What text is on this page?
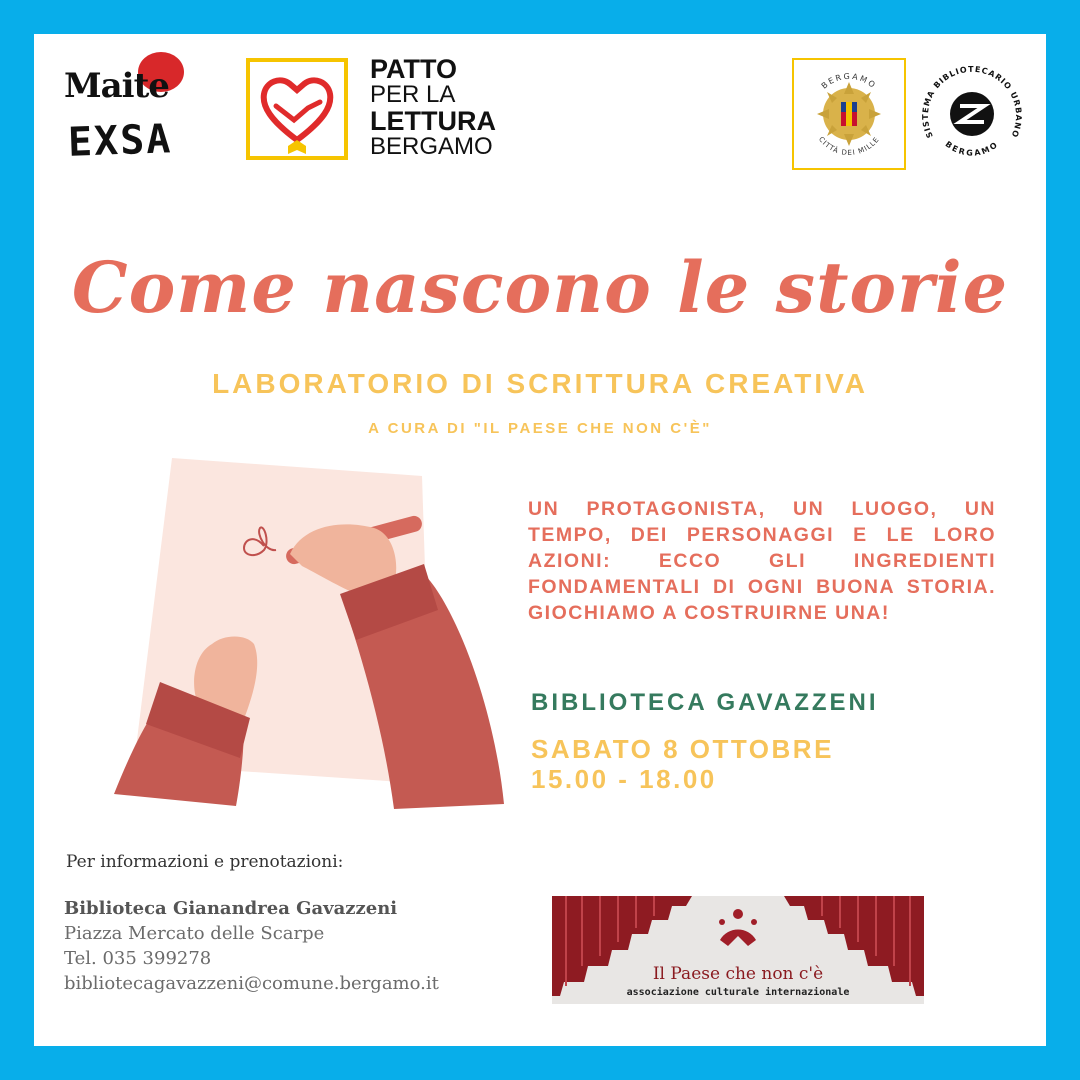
Maite
EXSA
PATTO
PER LA
LETTURA
BERGAMO
BERGAMO
CITTÀ DEI MILLE
SISTEMA BIBLIOTECARIO URBANO
BERGAMO
Come nascono le storie
LABORATORIO DI SCRITTURA CREATIVA
A CURA DI "IL PAESE CHE NON C'È"
UN PROTAGONISTA, UN LUOGO, UN TEMPO, DEI PERSONAGGI E LE LORO AZIONI: ECCO GLI INGREDIENTI FONDAMENTALI DI OGNI BUONA STORIA. GIOCHIAMO A COSTRUIRNE UNA!
BIBLIOTECA GAVAZZENI
SABATO 8 OTTOBRE
15.00 - 18.00
Per informazioni e prenotazioni:
Biblioteca Gianandrea Gavazzeni
Piazza Mercato delle Scarpe
Tel. 035 399278
bibliotecagavazzeni@comune.bergamo.it	Il Paese che non c'è
associazione culturale internazionale
